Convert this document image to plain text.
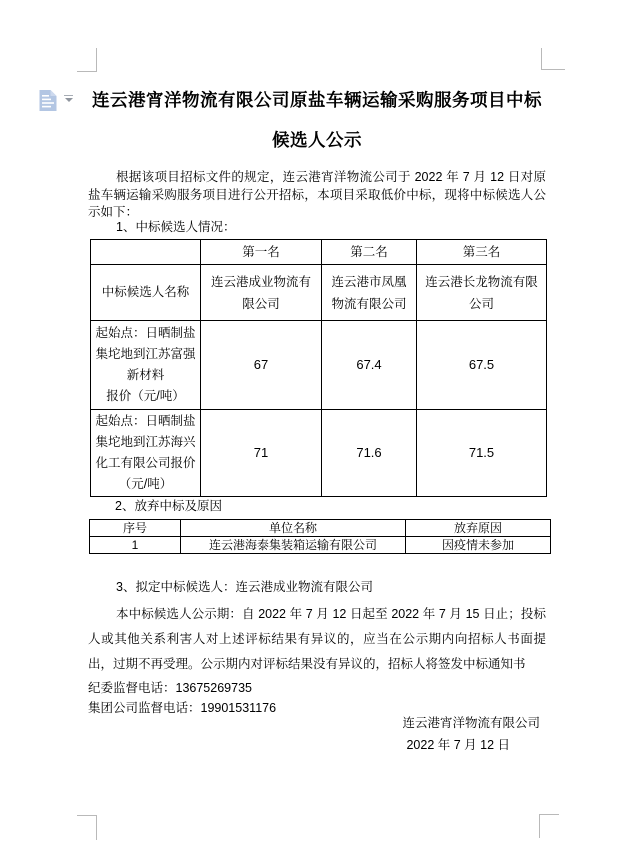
连云港宵洋物流有限公司原盐车辆运输采购服务项目中标
候选人公示
根据该项目招标文件的规定，连云港宵洋物流公司于 2022 年 7 月 12 日对原盐车辆运输采购服务项目进行公开招标，本项目采取低价中标，现将中标候选人公示如下：
1、中标候选人情况：
	第一名	第二名	第三名
中标候选人名称	连云港成业物流有限公司	连云港市凤凰物流有限公司	连云港长龙物流有限公司

起始点：日晒制盐集坨地到江苏富强新材料
报价（元/吨）	67	67.4	67.5
起始点：日晒制盐集坨地到江苏海兴化工有限公司报价（元/吨）	71	71.6	71.5
2、放弃中标及原因
序号	单位名称	放弃原因
1	连云港海泰集装箱运输有限公司	因疫情未参加
3、拟定中标候选人：连云港成业物流有限公司
本中标候选人公示期：自 2022 年 7 月 12 日起至 2022 年 7 月 15 日止；投标人或其他关系利害人对上述评标结果有异议的，应当在公示期内向招标人书面提出，过期不再受理。公示期内对评标结果没有异议的，招标人将签发中标通知书
纪委监督电话：13675269735
集团公司监督电话：19901531176
连云港宵洋物流有限公司
2022 年 7 月 12 日
